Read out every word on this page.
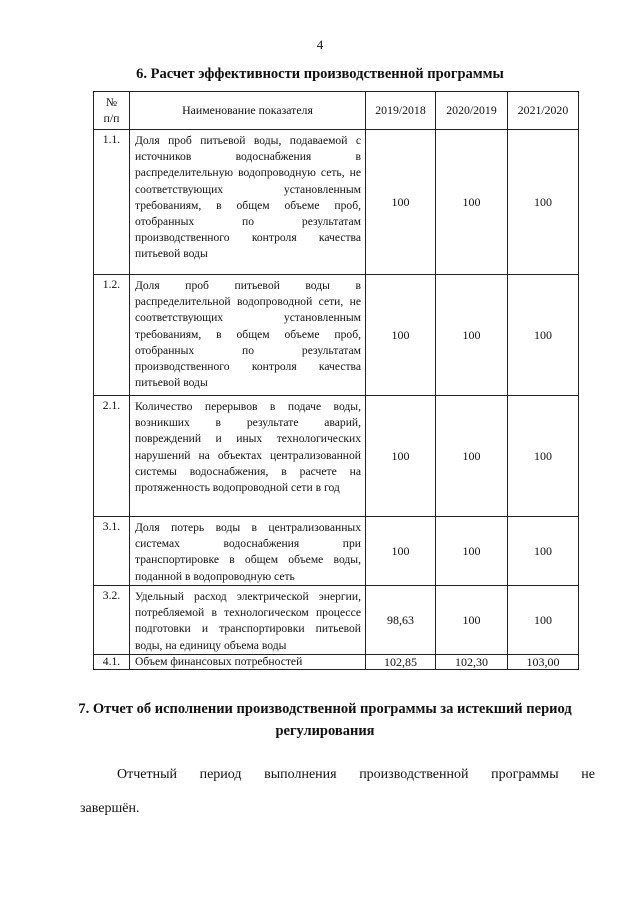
4
6. Расчет эффективности производственной программы
№
п/п	Наименование показателя	2019/2018	2020/2019	2021/2020
1.1.	Доля проб питьевой воды, подаваемой с источников водоснабжения в распределительную водопроводную сеть, не соответствующих установленным требованиям, в общем объеме проб, отобранных по результатам производственного контроля качества питьевой воды	100	100	100
1.2.	Доля проб питьевой воды в распределительной водопроводной сети, не соответствующих установленным требованиям, в общем объеме проб, отобранных по результатам производственного контроля качества питьевой воды	100	100	100
2.1.	Количество перерывов в подаче воды, возникших в результате аварий, повреждений и иных технологических нарушений на объектах централизованной системы водоснабжения, в расчете на протяженность водопроводной сети в год	100	100	100
3.1.	Доля потерь воды в централизованных системах водоснабжения при транспортировке в общем объеме воды, поданной в водопроводную сеть	100	100	100
3.2.	Удельный расход электрической энергии, потребляемой в технологическом процессе подготовки и транспортировки питьевой воды, на единицу объема воды	98,63	100	100
4.1.	Объем финансовых потребностей	102,85	102,30	103,00
7. Отчет об исполнении производственной программы за истекший период регулирования
Отчетный период выполнения производственной программы не
завершён.
